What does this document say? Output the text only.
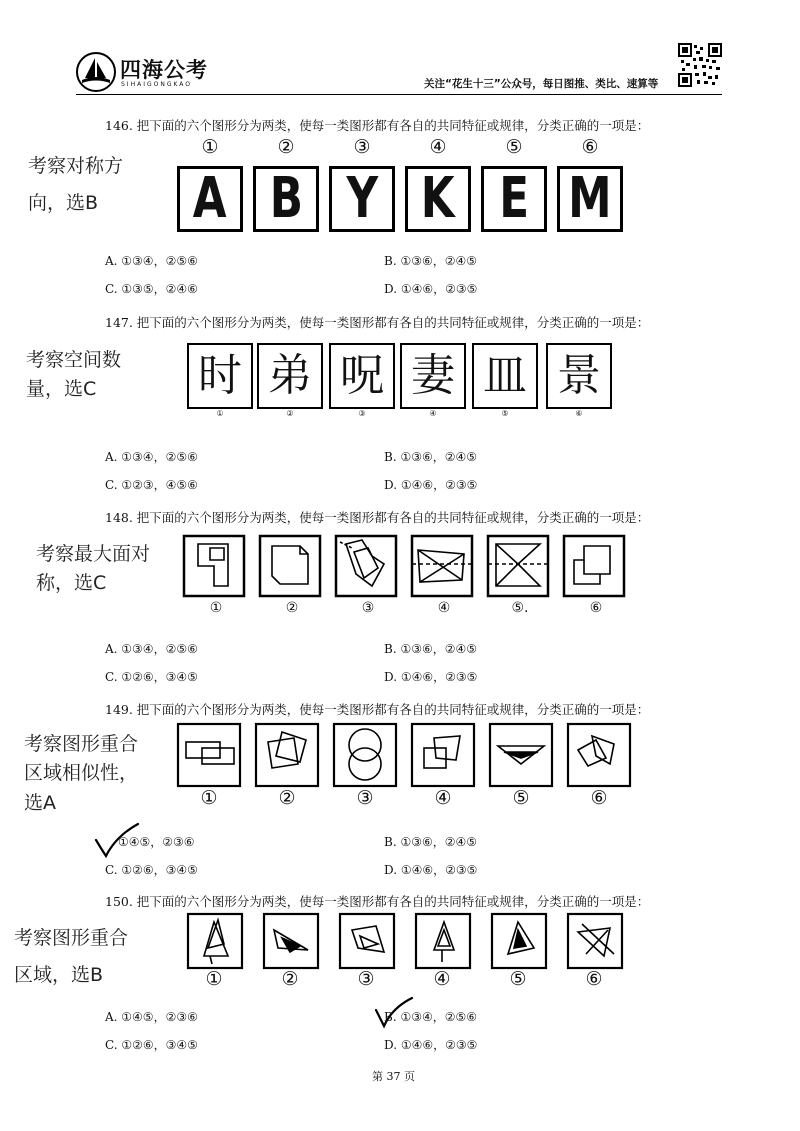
四海公考
SIHAIGONGKAO	关注“花生十三”公众号，每日图推、类比、速算等
146. 把下面的六个图形分为两类，使每一类图形都有各自的共同特征或规律，分类正确的一项是：
考察对称方
向，选B
①	②	③	④	⑤	⑥
A B Y K E M
A. ①③④，②⑤⑥	B. ①③⑥，②④⑤
C. ①③⑤，②④⑥	D. ①④⑥，②③⑤
147. 把下面的六个图形分为两类，使每一类图形都有各自的共同特征或规律，分类正确的一项是：
考察空间数
量，选C	时 弟 呪 妻 皿 景
①	②	③	④	⑤	⑥
A. ①③④，②⑤⑥	B. ①③⑥，②④⑤
C. ①②③，④⑤⑥	D. ①④⑥，②③⑤
148. 把下面的六个图形分为两类，使每一类图形都有各自的共同特征或规律，分类正确的一项是：
考察最大面对
称，选C
①	②	③	④	⑤.	⑥
A. ①③④，②⑤⑥	B. ①③⑥，②④⑤
C. ①②⑥，③④⑤	D. ①④⑥，②③⑤
149. 把下面的六个图形分为两类，使每一类图形都有各自的共同特征或规律，分类正确的一项是：
考察图形重合
区域相似性，
选A	①	②	③	④	⑤	⑥
①④⑤，②③⑥	B. ①③⑥，②④⑤
C. ①②⑥，③④⑤	D. ①④⑥，②③⑤
150. 把下面的六个图形分为两类，使每一类图形都有各自的共同特征或规律，分类正确的一项是：
考察图形重合
区域，选B	①	②	③	④	⑤	⑥
A. ①④⑤，②③⑥	B. ①③④，②⑤⑥
C. ①②⑥，③④⑤	D. ①④⑥，②③⑤
第 37 页
